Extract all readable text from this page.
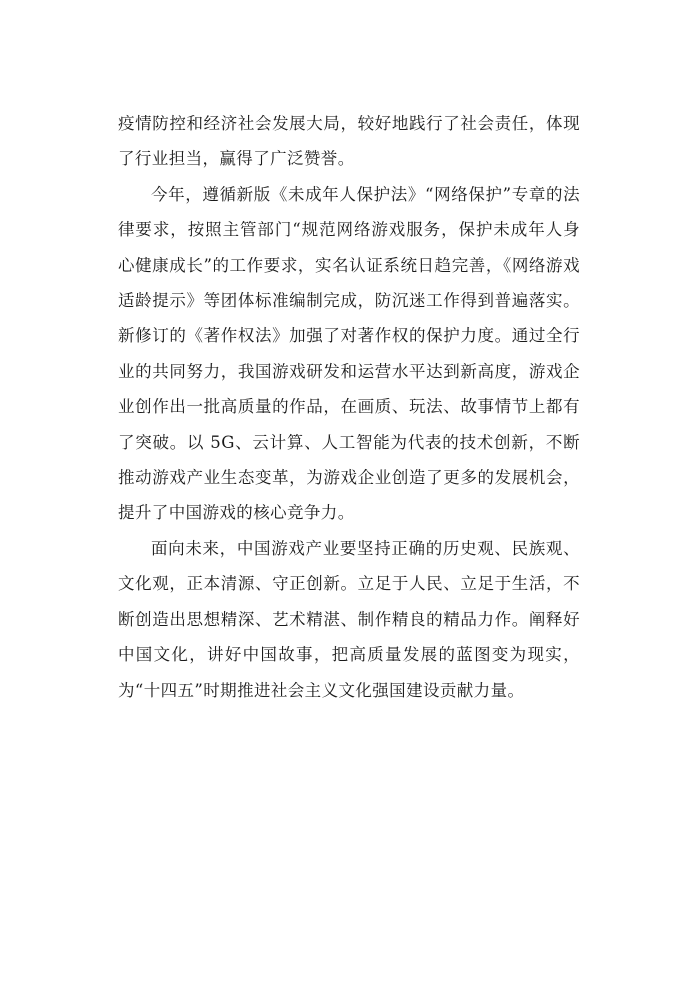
疫情防控和经济社会发展大局，较好地践行了社会责任，体现了行业担当，赢得了广泛赞誉。

今年，遵循新版《未成年人保护法》“网络保护”专章的法律要求，按照主管部门“规范网络游戏服务，保护未成年人身心健康成长”的工作要求，实名认证系统日趋完善，《网络游戏适龄提示》等团体标准编制完成，防沉迷工作得到普遍落实。新修订的《著作权法》加强了对著作权的保护力度。通过全行业的共同努力，我国游戏研发和运营水平达到新高度，游戏企业创作出一批高质量的作品，在画质、玩法、故事情节上都有了突破。以 5G、云计算、人工智能为代表的技术创新，不断推动游戏产业生态变革，为游戏企业创造了更多的发展机会，提升了中国游戏的核心竞争力。

面向未来，中国游戏产业要坚持正确的历史观、民族观、文化观，正本清源、守正创新。立足于人民、立足于生活，不断创造出思想精深、艺术精湛、制作精良的精品力作。阐释好中国文化，讲好中国故事，把高质量发展的蓝图变为现实，为“十四五”时期推进社会主义文化强国建设贡献力量。
